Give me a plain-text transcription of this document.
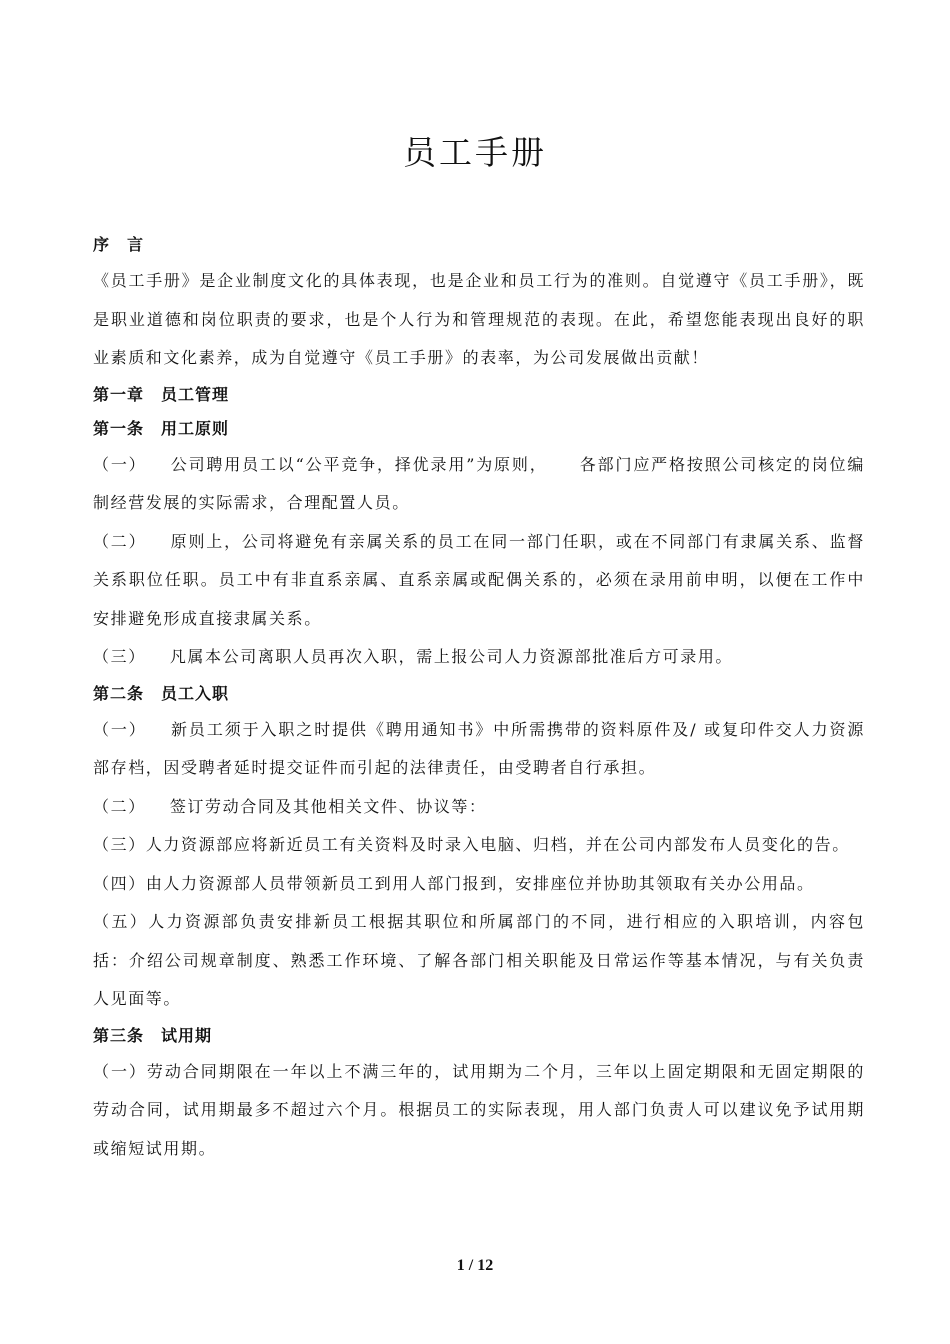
员工手册

序　言

《员工手册》是企业制度文化的具体表现，也是企业和员工行为的准则。自觉遵守《员工手册》，既是职业道德和岗位职责的要求，也是个人行为和管理规范的表现。在此，希望您能表现出良好的职业素质和文化素养，成为自觉遵守《员工手册》的表率，为公司发展做出贡献！

第一章　员工管理

第一条　用工原则

（一） 公司聘用员工以“公平竞争，择优录用”为原则， 各部门应严格按照公司核定的岗位编制经营发展的实际需求，合理配置人员。

（二） 原则上，公司将避免有亲属关系的员工在同一部门任职，或在不同部门有隶属关系、监督关系职位任职。员工中有非直系亲属、直系亲属或配偶关系的，必须在录用前申明，以便在工作中安排避免形成直接隶属关系。

（三） 凡属本公司离职人员再次入职，需上报公司人力资源部批准后方可录用。

第二条　员工入职

（一） 新员工须于入职之时提供《聘用通知书》中所需携带的资料原件及/ 或复印件交人力资源部存档，因受聘者延时提交证件而引起的法律责任，由受聘者自行承担。

（二） 签订劳动合同及其他相关文件、协议等：

（三）人力资源部应将新近员工有关资料及时录入电脑、归档，并在公司内部发布人员变化的告。

（四）由人力资源部人员带领新员工到用人部门报到，安排座位并协助其领取有关办公用品。

（五）人力资源部负责安排新员工根据其职位和所属部门的不同，进行相应的入职培训，内容包括：介绍公司规章制度、熟悉工作环境、了解各部门相关职能及日常运作等基本情况，与有关负责人见面等。

第三条　试用期

（一）劳动合同期限在一年以上不满三年的，试用期为二个月，三年以上固定期限和无固定期限的劳动合同，试用期最多不超过六个月。根据员工的实际表现，用人部门负责人可以建议免予试用期或缩短试用期。

1 / 12
